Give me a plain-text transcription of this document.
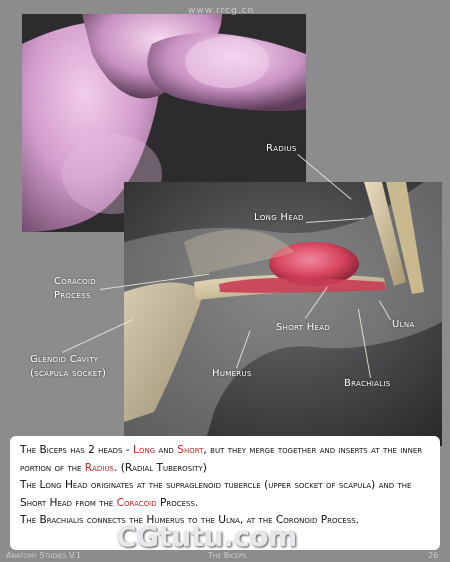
Radius
Long Head
Coracoid
Process
Short Head	Ulna
Glenoid Cavity
(scapula socket)	Humerus
Brachialis
www.rrcg.cn

The Biceps has 2 heads - Long and Short, but they merge together and inserts at the inner portion of the Radius. (Radial Tuberosity)

The Long Head originates at the supraglenoid tubercle (upper socket of scapula) and the Short Head from the Coracoid Process.

The Brachialis connects the Humerus to the Ulna, at the Coronoid Process.

Anatomy Studies V.1	The Biceps	26
CGtutu.com
